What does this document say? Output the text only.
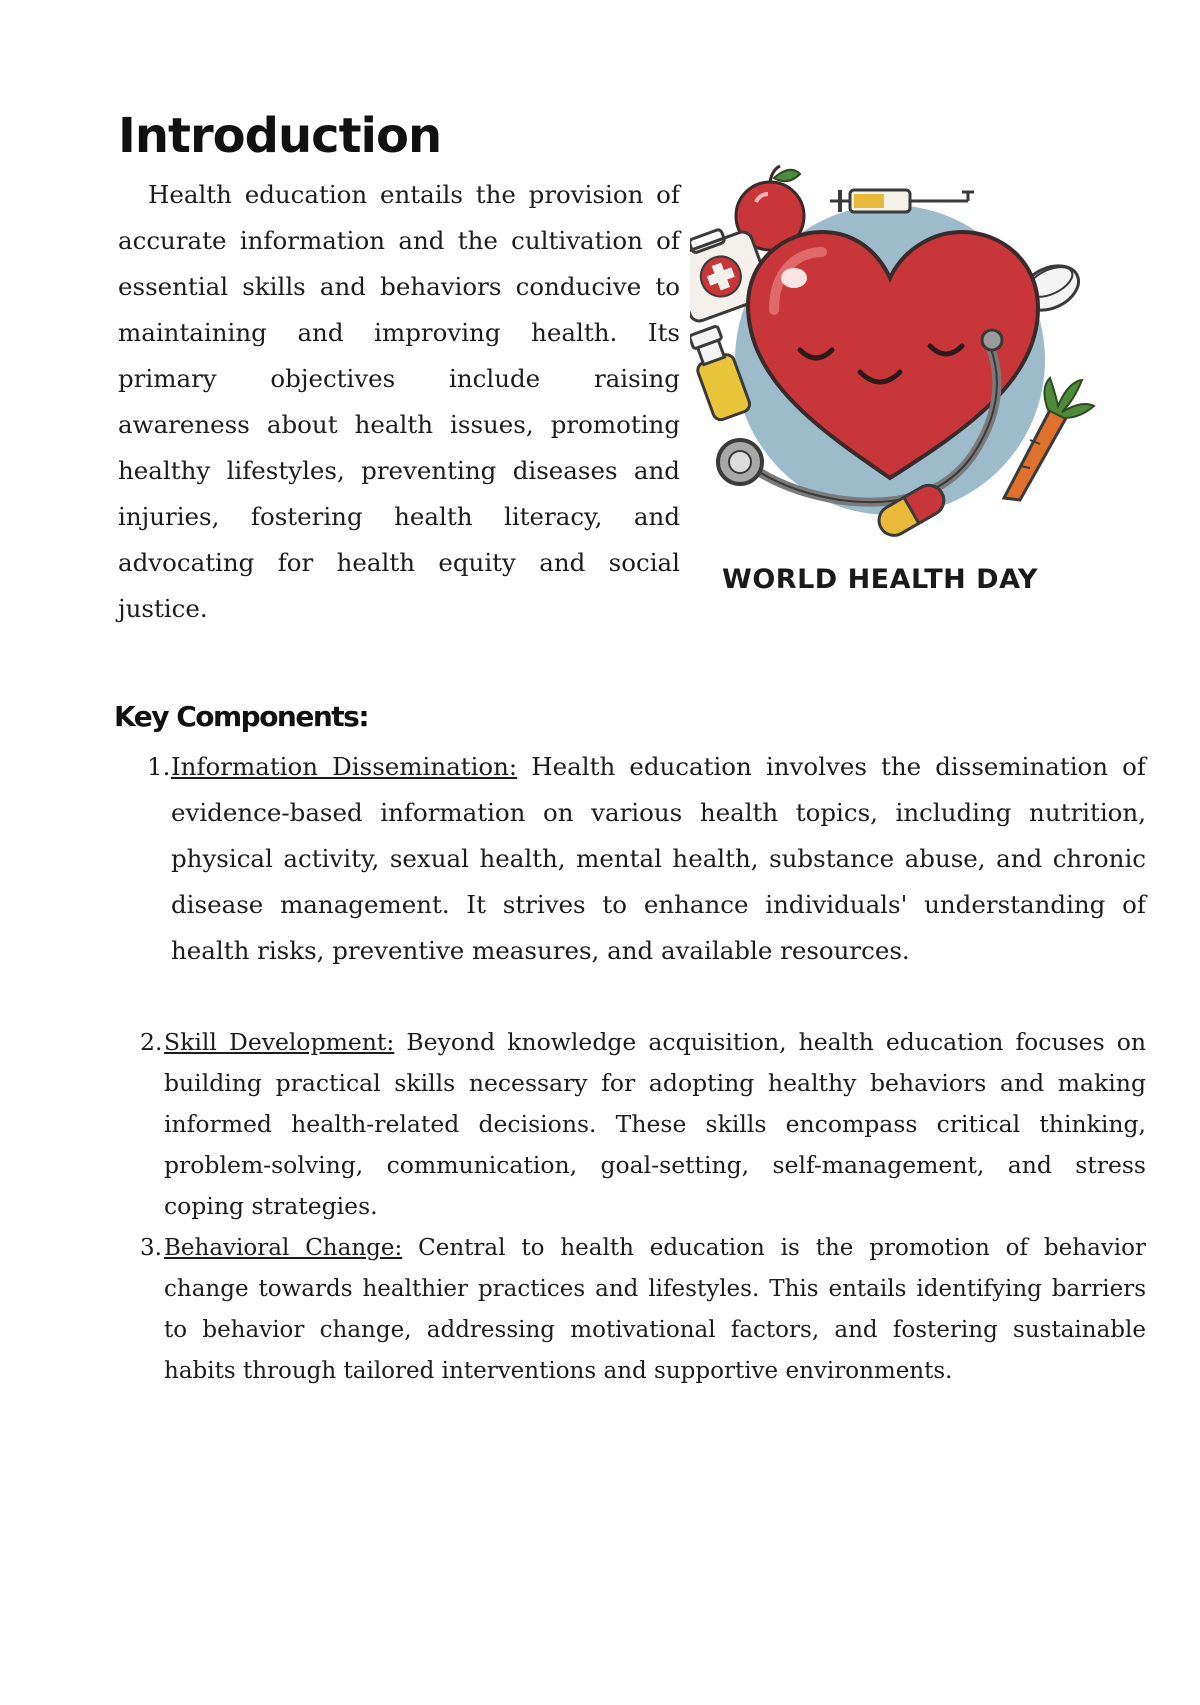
Introduction

Health education entails the provision of accurate information and the cultivation of essential skills and behaviors conducive to maintaining and improving health. Its primary objectives include raising awareness about health issues, promoting healthy lifestyles, preventing diseases and injuries, fostering health literacy, and advocating for health equity and social justice.

WORLD HEALTH DAY
Key Components:

1. Information Dissemination: Health education involves the dissemination of evidence-based information on various health topics, including nutrition, physical activity, sexual health, mental health, substance abuse, and chronic disease management. It strives to enhance individuals' understanding of health risks, preventive measures, and available resources.

2. Skill Development: Beyond knowledge acquisition, health education focuses on building practical skills necessary for adopting healthy behaviors and making informed health-related decisions. These skills encompass critical thinking, problem-solving, communication, goal-setting, self-management, and stress coping strategies.

3. Behavioral Change: Central to health education is the promotion of behavior change towards healthier practices and lifestyles. This entails identifying barriers to behavior change, addressing motivational factors, and fostering sustainable habits through tailored interventions and supportive environments.
